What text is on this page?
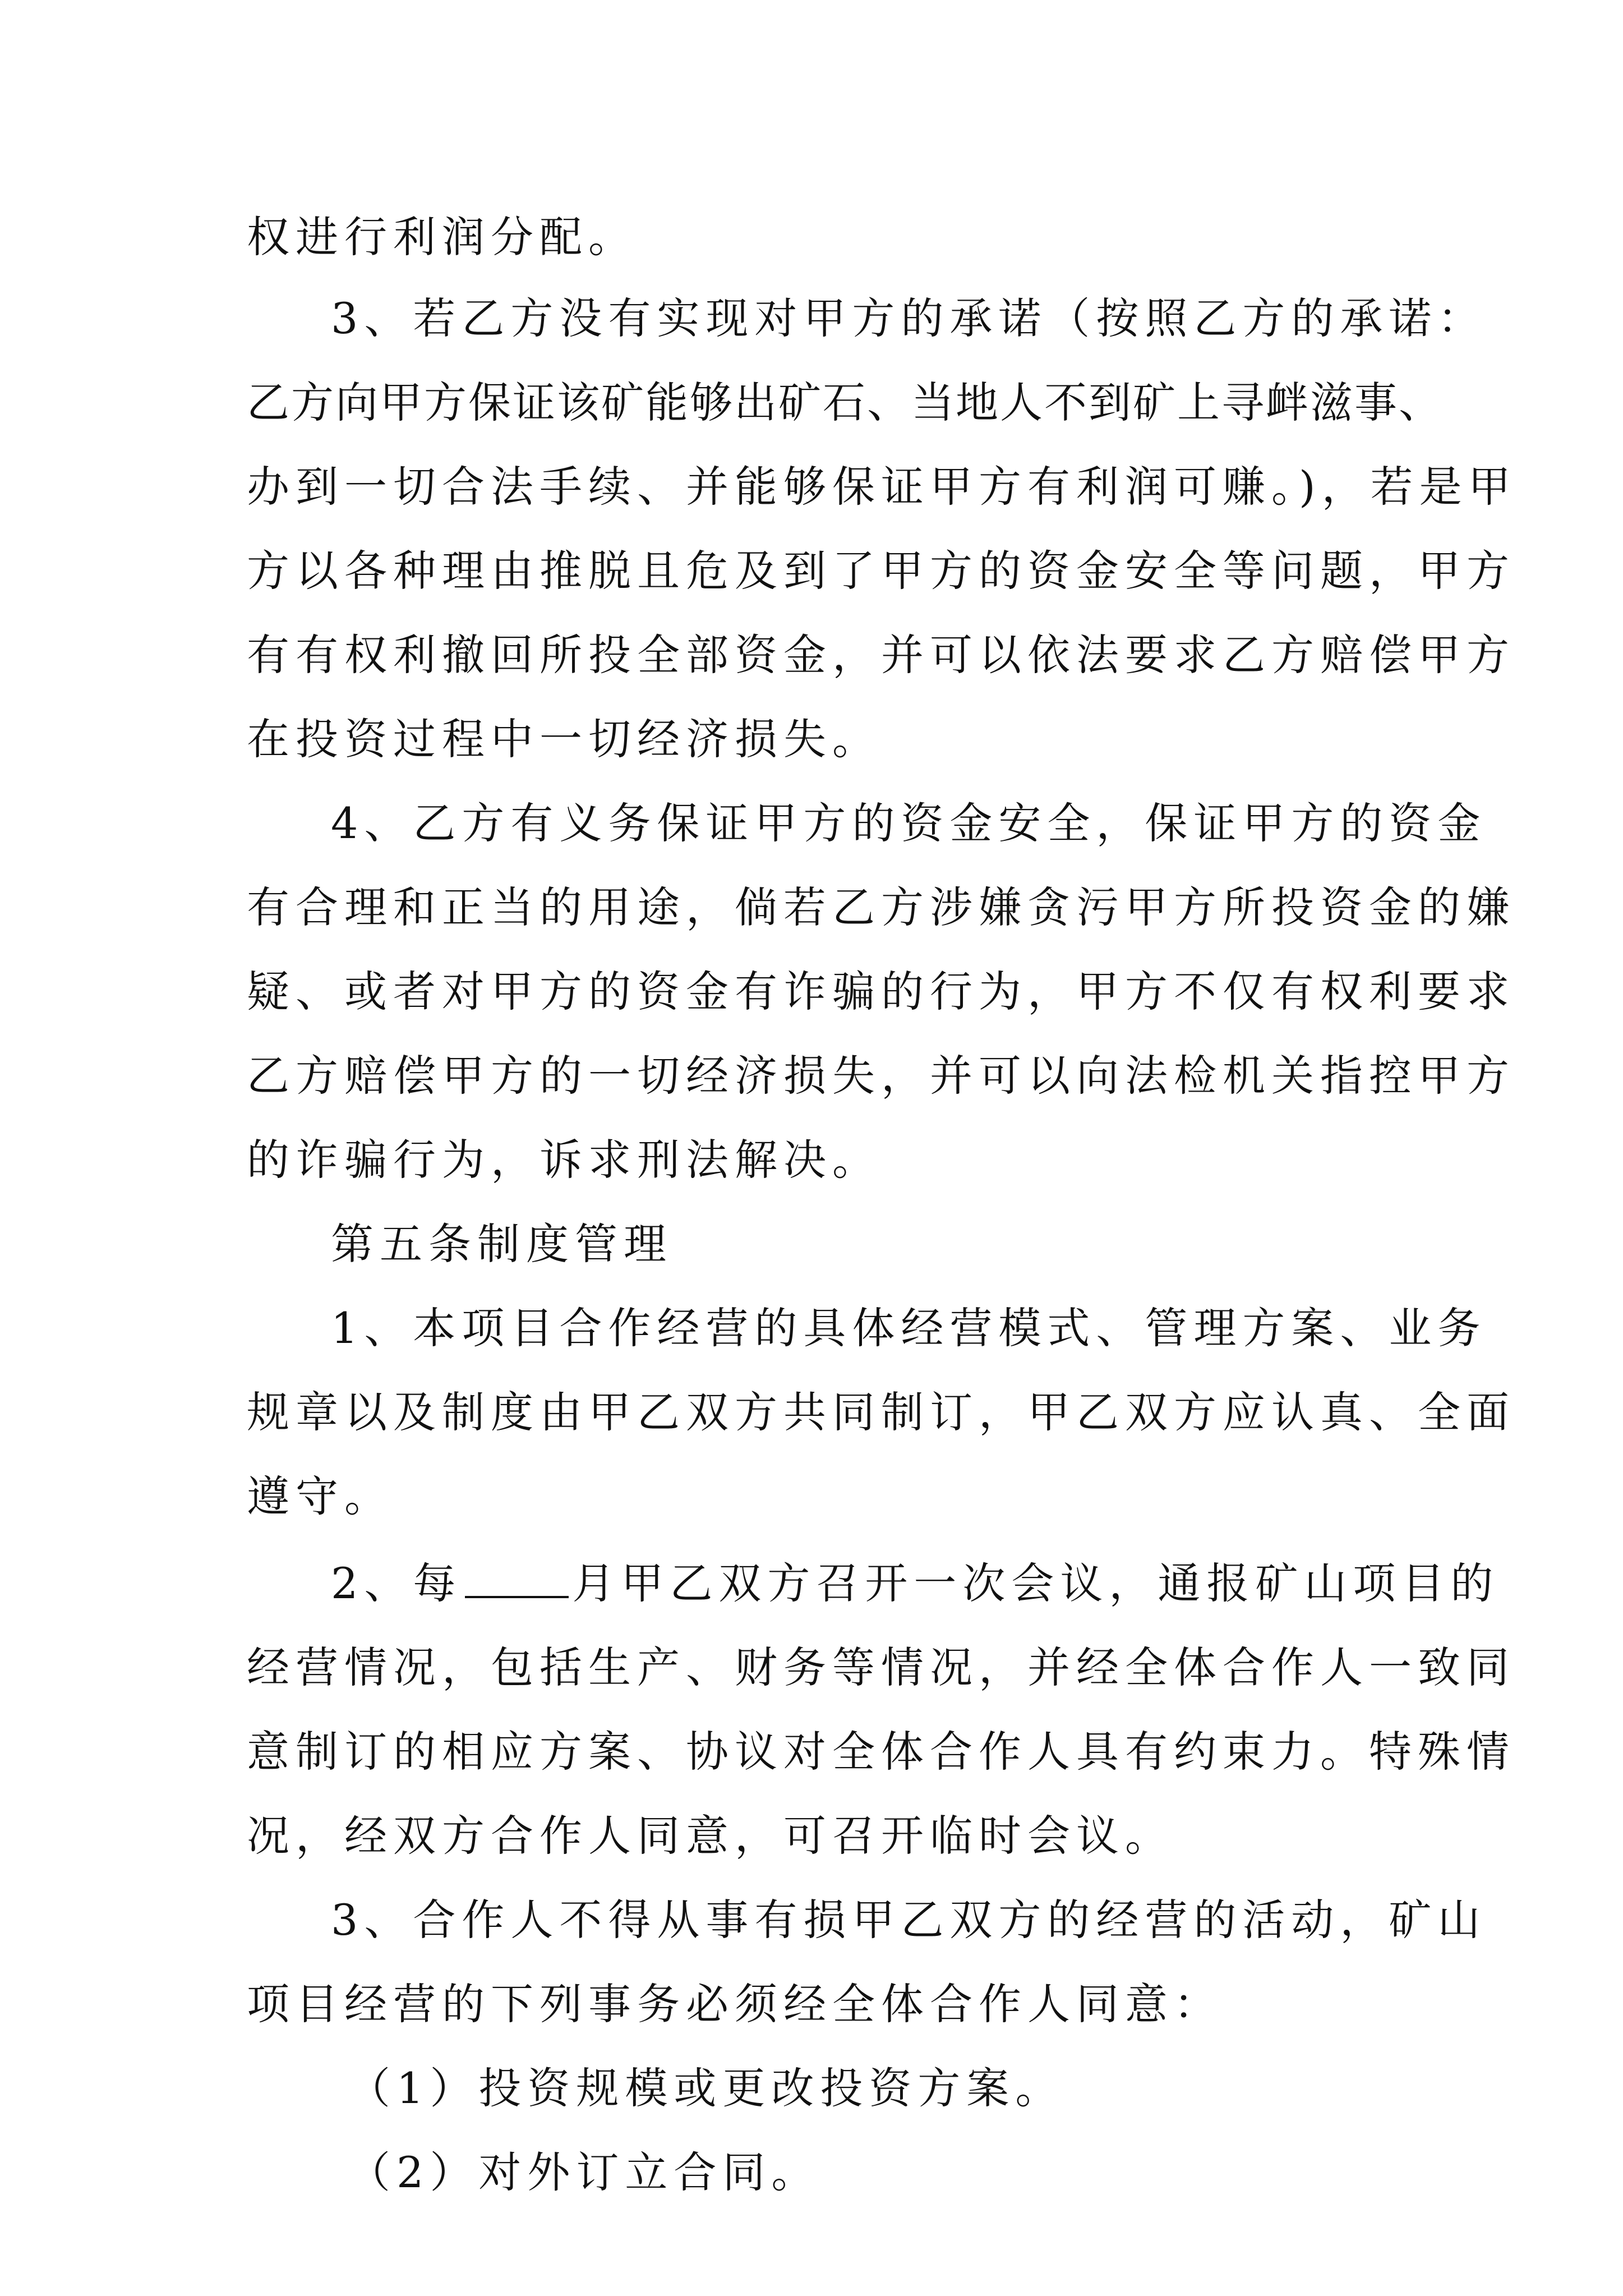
权进行利润分配。
3、若乙方没有实现对甲方的承诺（按照乙方的承诺：
乙方向甲方保证该矿能够出矿石、当地人不到矿上寻衅滋事、
办到一切合法手续、并能够保证甲方有利润可赚。)，若是甲
方以各种理由推脱且危及到了甲方的资金安全等问题，甲方
有有权利撤回所投全部资金，并可以依法要求乙方赔偿甲方
在投资过程中一切经济损失。
4、乙方有义务保证甲方的资金安全，保证甲方的资金
有合理和正当的用途，倘若乙方涉嫌贪污甲方所投资金的嫌
疑、或者对甲方的资金有诈骗的行为，甲方不仅有权利要求
乙方赔偿甲方的一切经济损失，并可以向法检机关指控甲方
的诈骗行为，诉求刑法解决。
第五条制度管理
1、本项目合作经营的具体经营模式、管理方案、业务
规章以及制度由甲乙双方共同制订，甲乙双方应认真、全面
遵守。
2、每	月甲乙双方召开一次会议，通报矿山项目的
经营情况，包括生产、财务等情况，并经全体合作人一致同
意制订的相应方案、协议对全体合作人具有约束力。特殊情
况，经双方合作人同意，可召开临时会议。
3、合作人不得从事有损甲乙双方的经营的活动，矿山
项目经营的下列事务必须经全体合作人同意：
（1）投资规模或更改投资方案。
（2）对外订立合同。
